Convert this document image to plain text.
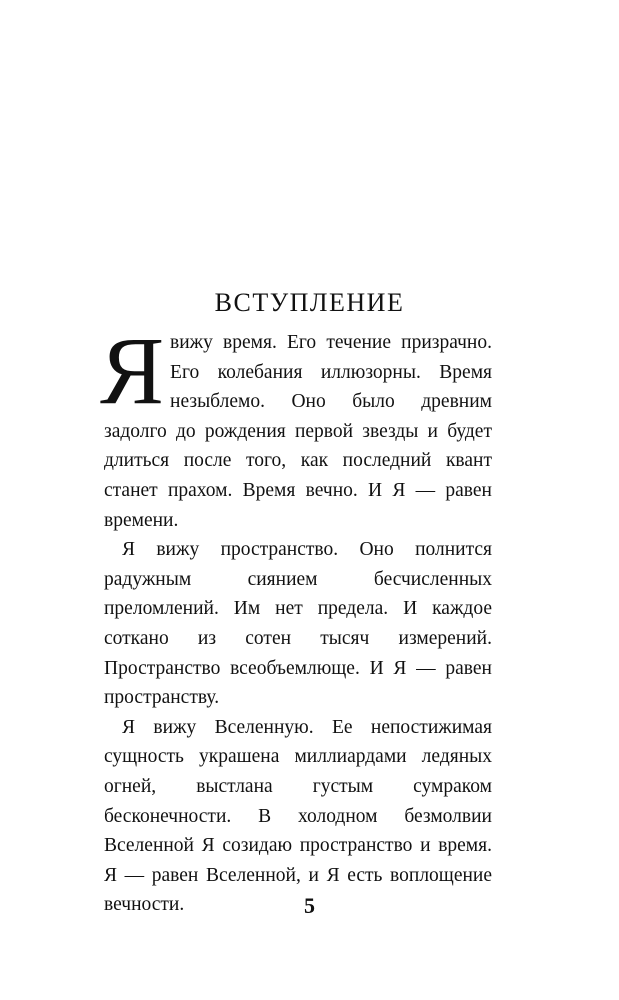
ВСТУПЛЕНИЕ

Я вижу время. Его течение призрачно. Его колебания иллюзорны. Время незыблемо. Оно было древним задолго до рождения первой звезды и будет длиться после того, как последний квант станет прахом. Время вечно. И Я — равен времени.

Я вижу пространство. Оно полнится радужным сиянием бесчисленных преломлений. Им нет предела. И каждое соткано из сотен тысяч измерений. Пространство всеобъемлюще. И Я — равен пространству.

Я вижу Вселенную. Ее непостижимая сущность украшена миллиардами ледяных огней, выстлана густым сумраком бесконечности. В холодном безмолвии Вселенной Я созидаю пространство и время. Я — равен Вселенной, и Я есть воплощение вечности.	5
